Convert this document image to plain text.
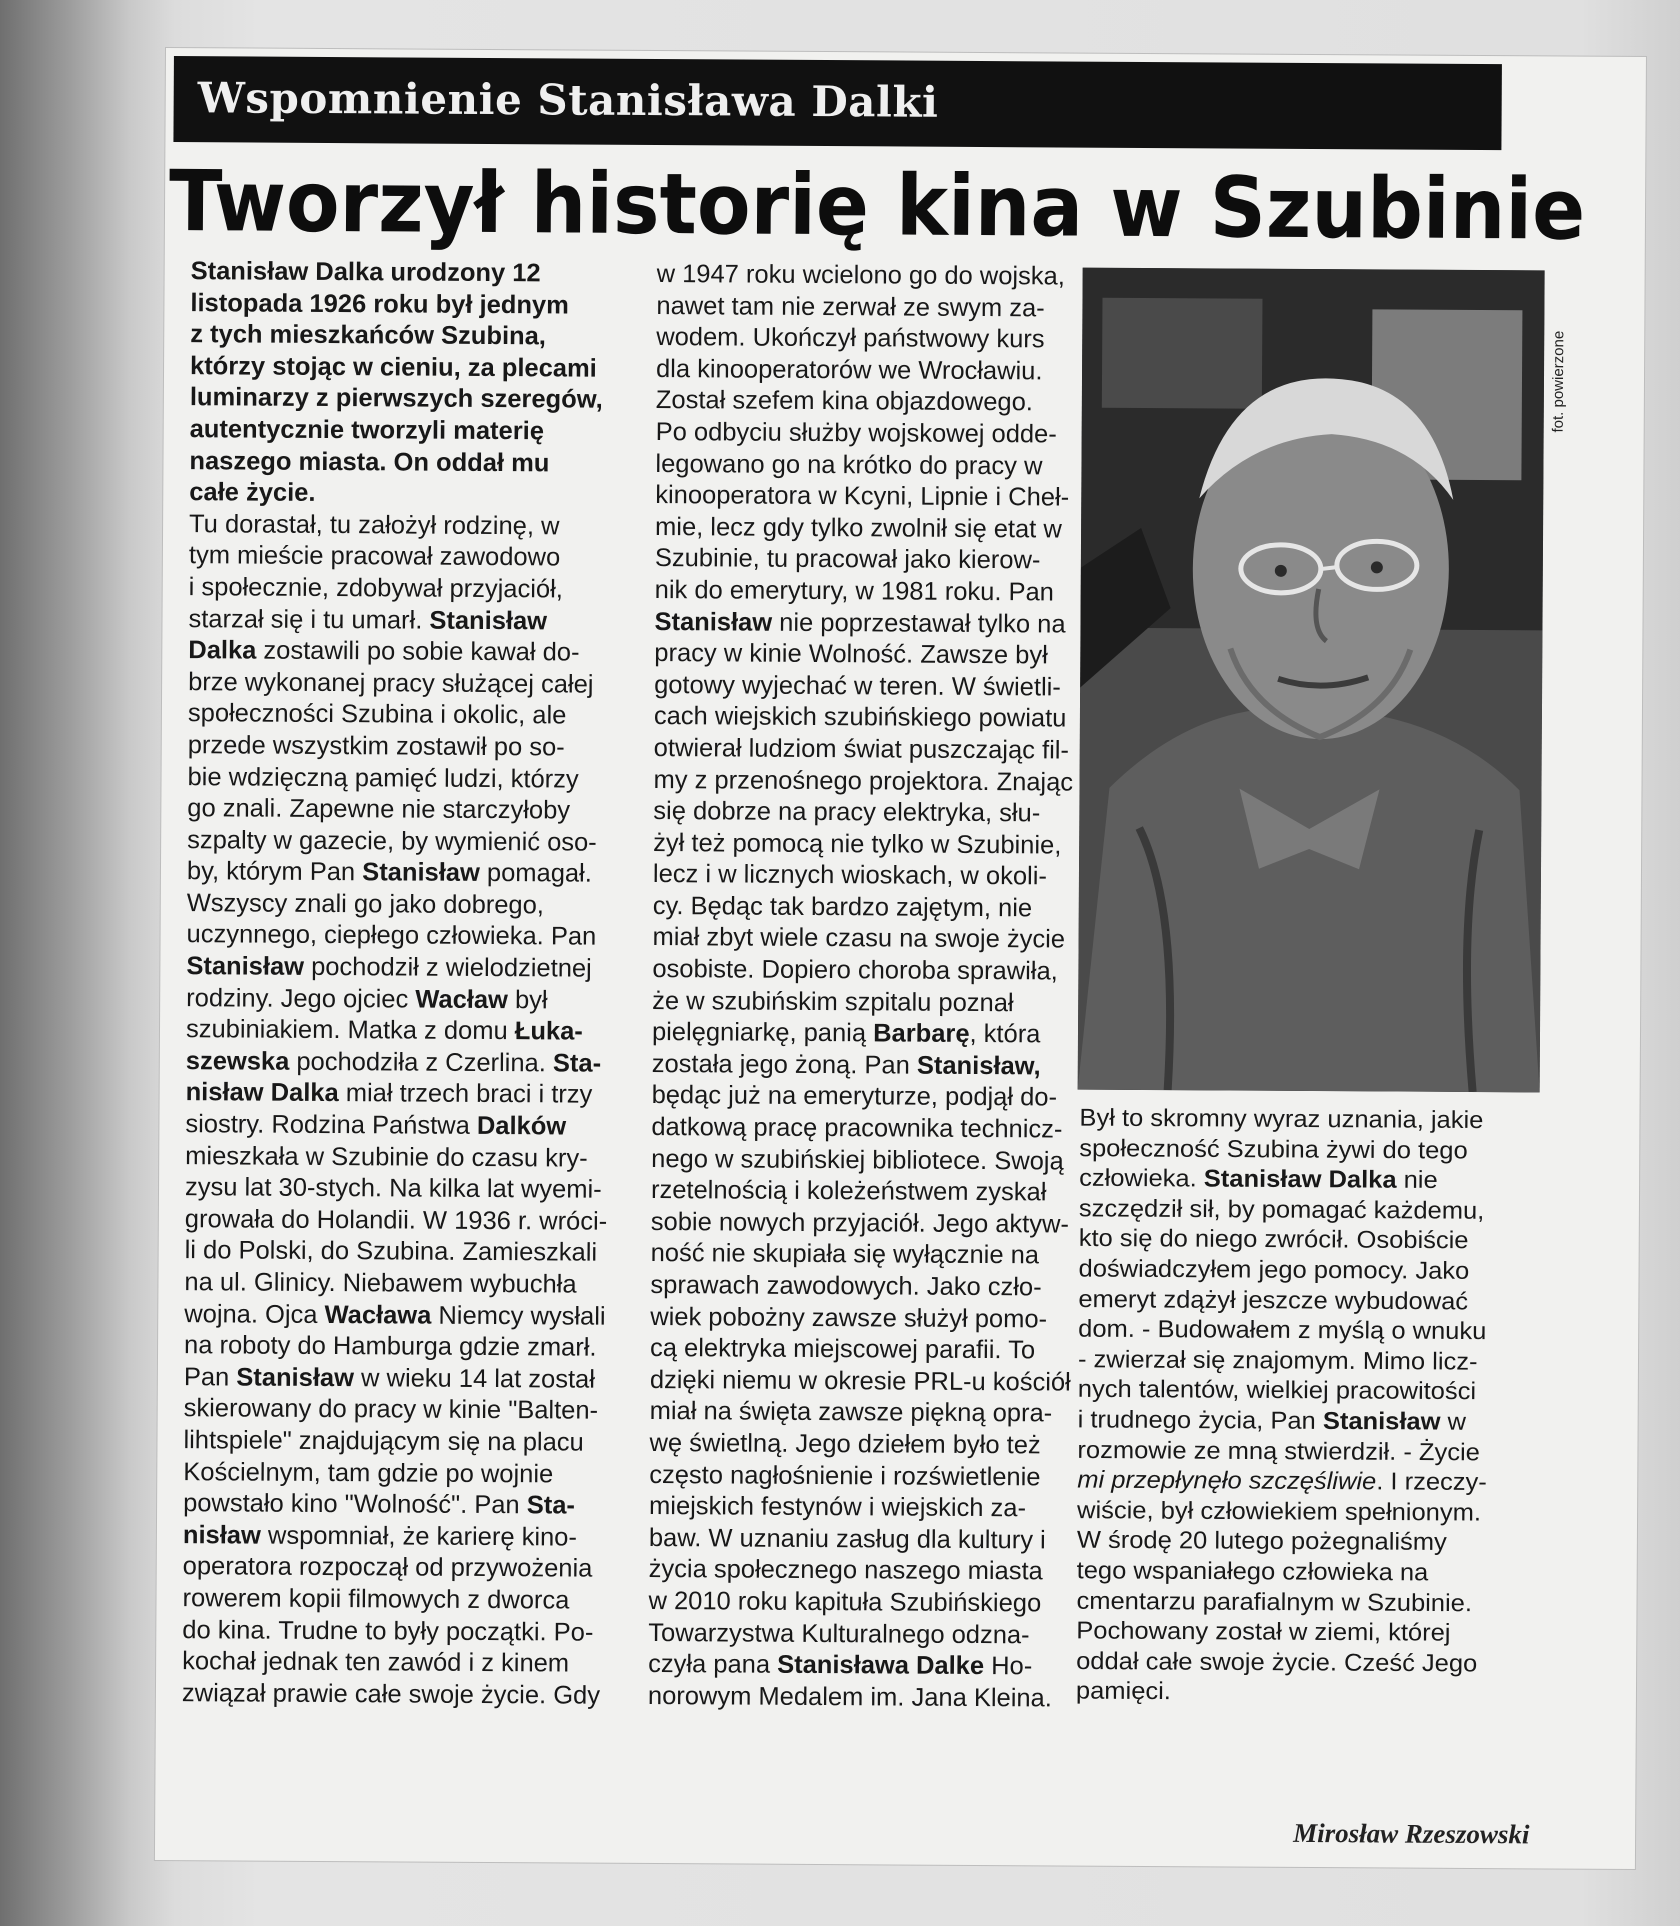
Wspomnienie Stanisława Dalki
Tworzył historię kina w Szubinie
Stanisław Dalka urodzony 12
listopada 1926 roku był jednym
z tych mieszkańców Szubina,
którzy stojąc w cieniu, za plecami
luminarzy z pierwszych szeregów,
autentycznie tworzyli materię
naszego miasta. On oddał mu
całe życie.
Tu dorastał, tu założył rodzinę, w
tym mieście pracował zawodowo
i społecznie, zdobywał przyjaciół,
starzał się i tu umarł. Stanisław
Dalka zostawili po sobie kawał do-
brze wykonanej pracy służącej całej
społeczności Szubina i okolic, ale
przede wszystkim zostawił po so-
bie wdzięczną pamięć ludzi, którzy
go znali. Zapewne nie starczyłoby
szpalty w gazecie, by wymienić oso-
by, którym Pan Stanisław pomagał.
Wszyscy znali go jako dobrego,
uczynnego, ciepłego człowieka. Pan
Stanisław pochodził z wielodzietnej
rodziny. Jego ojciec Wacław był
szubiniakiem. Matka z domu Łuka-
szewska pochodziła z Czerlina. Sta-
nisław Dalka miał trzech braci i trzy
siostry. Rodzina Państwa Dalków
mieszkała w Szubinie do czasu kry-
zysu lat 30-stych. Na kilka lat wyemi-
growała do Holandii. W 1936 r. wróci-
li do Polski, do Szubina. Zamieszkali
na ul. Glinicy. Niebawem wybuchła
wojna. Ojca Wacława Niemcy wysłali
na roboty do Hamburga gdzie zmarł.
Pan Stanisław w wieku 14 lat został
skierowany do pracy w kinie "Balten-
lihtspiele" znajdującym się na placu
Kościelnym, tam gdzie po wojnie
powstało kino "Wolność". Pan Sta-
nisław wspomniał, że karierę kino-
operatora rozpoczął od przywożenia
rowerem kopii filmowych z dworca
do kina. Trudne to były początki. Po-
kochał jednak ten zawód i z kinem
związał prawie całe swoje życie. Gdy
w 1947 roku wcielono go do wojska,
nawet tam nie zerwał ze swym za-
wodem. Ukończył państwowy kurs
dla kinooperatorów we Wrocławiu.
Został szefem kina objazdowego.
Po odbyciu służby wojskowej odde-
legowano go na krótko do pracy w
kinooperatora w Kcyni, Lipnie i Cheł-
mie, lecz gdy tylko zwolnił się etat w
Szubinie, tu pracował jako kierow-
nik do emerytury, w 1981 roku. Pan
Stanisław nie poprzestawał tylko na
pracy w kinie Wolność. Zawsze był
gotowy wyjechać w teren. W świetli-
cach wiejskich szubińskiego powiatu
otwierał ludziom świat puszczając fil-
my z przenośnego projektora. Znając
się dobrze na pracy elektryka, słu-
żył też pomocą nie tylko w Szubinie,
lecz i w licznych wioskach, w okoli-
cy. Będąc tak bardzo zajętym, nie
miał zbyt wiele czasu na swoje życie
osobiste. Dopiero choroba sprawiła,
że w szubińskim szpitalu poznał
pielęgniarkę, panią Barbarę, która
została jego żoną. Pan Stanisław,
będąc już na emeryturze, podjął do-
datkową pracę pracownika technicz-
nego w szubińskiej bibliotece. Swoją
rzetelnością i koleżeństwem zyskał
sobie nowych przyjaciół. Jego aktyw-
ność nie skupiała się wyłącznie na
sprawach zawodowych. Jako czło-
wiek pobożny zawsze służył pomo-
cą elektryka miejscowej parafii. To
dzięki niemu w okresie PRL-u kościół
miał na święta zawsze piękną opra-
wę świetlną. Jego dziełem było też
często nagłośnienie i rozświetlenie
miejskich festynów i wiejskich za-
baw. W uznaniu zasług dla kultury i
życia społecznego naszego miasta
w 2010 roku kapituła Szubińskiego
Towarzystwa Kulturalnego odzna-
czyła pana Stanisława Dalke Ho-
norowym Medalem im. Jana Kleina.
fot. powierzone
Był to skromny wyraz uznania, jakie
społeczność Szubina żywi do tego
człowieka. Stanisław Dalka nie
szczędził sił, by pomagać każdemu,
kto się do niego zwrócił. Osobiście
doświadczyłem jego pomocy. Jako
emeryt zdążył jeszcze wybudować
dom. - Budowałem z myślą o wnuku
- zwierzał się znajomym. Mimo licz-
nych talentów, wielkiej pracowitości
i trudnego życia, Pan Stanisław w
rozmowie ze mną stwierdził. - Życie
mi przepłynęło szczęśliwie. I rzeczy-
wiście, był człowiekiem spełnionym.
W środę 20 lutego pożegnaliśmy
tego wspaniałego człowieka na
cmentarzu parafialnym w Szubinie.
Pochowany został w ziemi, której
oddał całe swoje życie. Cześć Jego
pamięci.

Mirosław Rzeszowski
